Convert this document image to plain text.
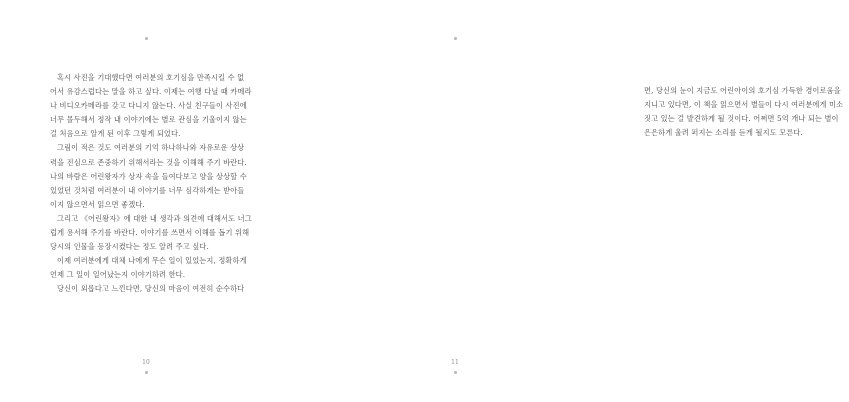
혹시 사진을 기대했다면 여러분의 호기심을 만족시킬 수 없
어서 유감스럽다는 말을 하고 싶다. 이제는 여행 다닐 때 카메라
나 비디오카메라를 갖고 다니지 않는다. 사실 친구들이 사진에
너무 몰두해서 정작 내 이야기에는 별로 관심을 기울이지 않는
걸 처음으로 알게 된 이후 그렇게 되었다.
그림이 적은 것도 여러분의 기억 하나하나와 자유로운 상상
력을 진심으로 존중하기 위해서라는 것을 이해해 주기 바란다.
나의 바람은 어린왕자가 상자 속을 들여다보고 양을 상상할 수
있었던 것처럼 여러분이 내 이야기를 너무 심각하게는 받아들
이지 않으면서 읽으면 좋겠다.
그리고 《어린왕자》에 대한 내 생각과 의견에 대해서도 너그
럽게 용서해 주기를 바란다. 이야기를 쓰면서 이해를 돕기 위해
당시의 인물을 등장시켰다는 정도 알려 주고 싶다.
이제 여러분에게 대체 나에게 무슨 일이 있었는지, 정확하게
언제 그 일이 일어났는지 이야기하려 한다.
당신이 외롭다고 느낀다면, 당신의 마음이 여전히 순수하다
10
면, 당신의 눈이 지금도 어린아이의 호기심 가득한 경이로움을
지니고 있다면, 이 책을 읽으면서 별들이 다시 여러분에게 미소
짓고 있는 걸 발견하게 될 것이다. 어쩌면 5억 개나 되는 별이
은은하게 울려 퍼지는 소리를 듣게 될지도 모른다.
11
